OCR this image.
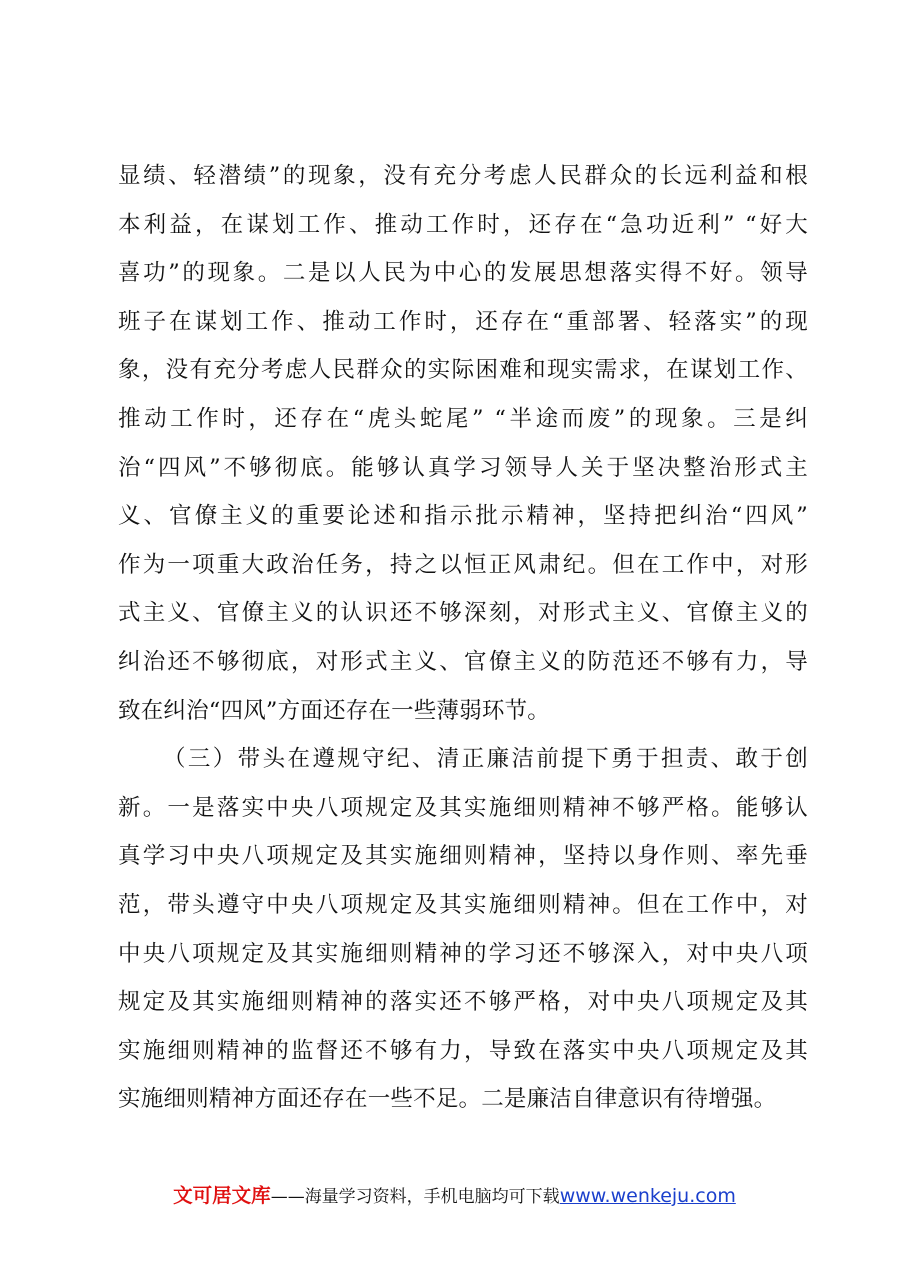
显绩、轻潜绩”的现象，没有充分考虑人民群众的长远利益和根
本利益，在谋划工作、推动工作时，还存在“急功近利” “好大
喜功”的现象。二是以人民为中心的发展思想落实得不好。领导
班子在谋划工作、推动工作时，还存在“重部署、轻落实”的现
象，没有充分考虑人民群众的实际困难和现实需求，在谋划工作、
推动工作时，还存在“虎头蛇尾” “半途而废”的现象。三是纠
治“四风”不够彻底。能够认真学习领导人关于坚决整治形式主
义、官僚主义的重要论述和指示批示精神，坚持把纠治“四风”
作为一项重大政治任务，持之以恒正风肃纪。但在工作中，对形
式主义、官僚主义的认识还不够深刻，对形式主义、官僚主义的
纠治还不够彻底，对形式主义、官僚主义的防范还不够有力，导
致在纠治“四风”方面还存在一些薄弱环节。
（三）带头在遵规守纪、清正廉洁前提下勇于担责、敢于创
新。一是落实中央八项规定及其实施细则精神不够严格。能够认
真学习中央八项规定及其实施细则精神，坚持以身作则、率先垂
范，带头遵守中央八项规定及其实施细则精神。但在工作中，对
中央八项规定及其实施细则精神的学习还不够深入，对中央八项
规定及其实施细则精神的落实还不够严格，对中央八项规定及其
实施细则精神的监督还不够有力，导致在落实中央八项规定及其
实施细则精神方面还存在一些不足。二是廉洁自律意识有待增强。
文可居文库——海量学习资料，手机电脑均可下载www.wenkeju.com
